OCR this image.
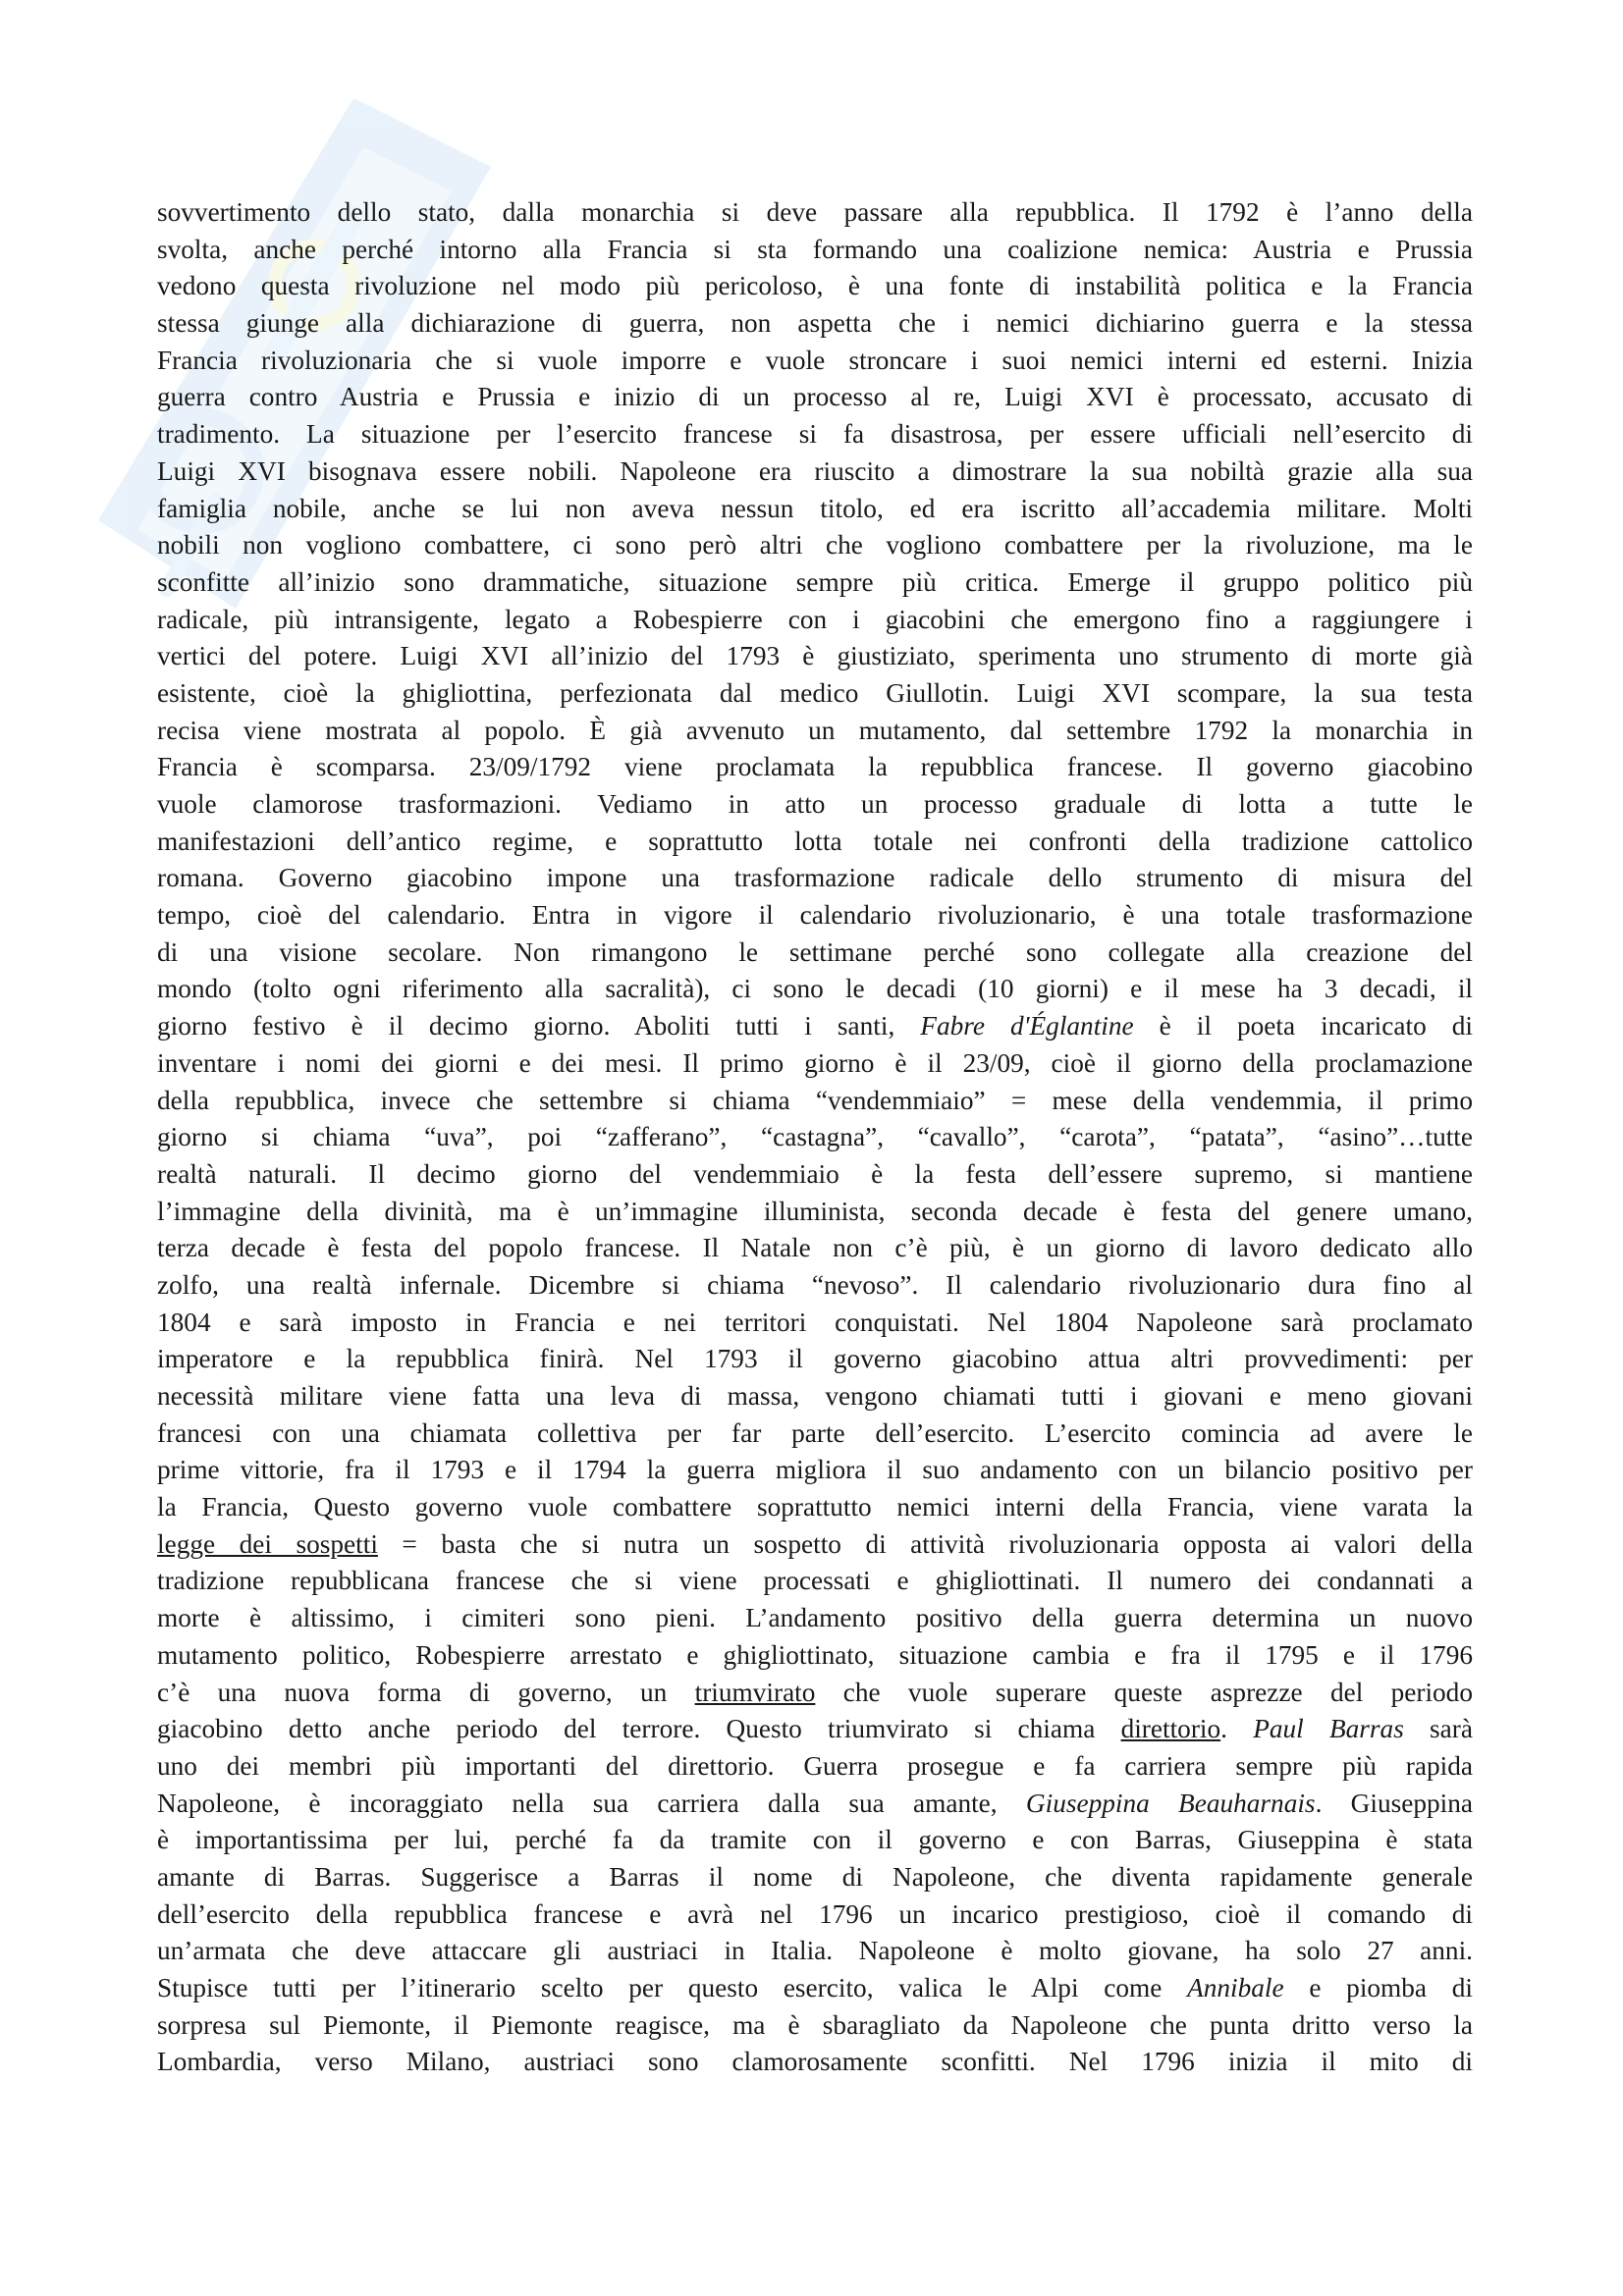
sovvertimento dello stato, dalla monarchia si deve passare alla repubblica. Il 1792 è l’anno della
svolta, anche perché intorno alla Francia si sta formando una coalizione nemica: Austria e Prussia
vedono questa rivoluzione nel modo più pericoloso, è una fonte di instabilità politica e la Francia
stessa giunge alla dichiarazione di guerra, non aspetta che i nemici dichiarino guerra e la stessa
Francia rivoluzionaria che si vuole imporre e vuole stroncare i suoi nemici interni ed esterni. Inizia
guerra contro Austria e Prussia e inizio di un processo al re, Luigi XVI è processato, accusato di
tradimento. La situazione per l’esercito francese si fa disastrosa, per essere ufficiali nell’esercito di
Luigi XVI bisognava essere nobili. Napoleone era riuscito a dimostrare la sua nobiltà grazie alla sua
famiglia nobile, anche se lui non aveva nessun titolo, ed era iscritto all’accademia militare. Molti
nobili non vogliono combattere, ci sono però altri che vogliono combattere per la rivoluzione, ma le
sconfitte all’inizio sono drammatiche, situazione sempre più critica. Emerge il gruppo politico più
radicale, più intransigente, legato a Robespierre con i giacobini che emergono fino a raggiungere i
vertici del potere. Luigi XVI all’inizio del 1793 è giustiziato, sperimenta uno strumento di morte già
esistente, cioè la ghigliottina, perfezionata dal medico Giullotin. Luigi XVI scompare, la sua testa
recisa viene mostrata al popolo. È già avvenuto un mutamento, dal settembre 1792 la monarchia in
Francia è scomparsa. 23/09/1792 viene proclamata la repubblica francese. Il governo giacobino
vuole clamorose trasformazioni. Vediamo in atto un processo graduale di lotta a tutte le
manifestazioni dell’antico regime, e soprattutto lotta totale nei confronti della tradizione cattolico
romana. Governo giacobino impone una trasformazione radicale dello strumento di misura del
tempo, cioè del calendario. Entra in vigore il calendario rivoluzionario, è una totale trasformazione
di una visione secolare. Non rimangono le settimane perché sono collegate alla creazione del
mondo (tolto ogni riferimento alla sacralità), ci sono le decadi (10 giorni) e il mese ha 3 decadi, il
giorno festivo è il decimo giorno. Aboliti tutti i santi, Fabre d'Églantine è il poeta incaricato di
inventare i nomi dei giorni e dei mesi. Il primo giorno è il 23/09, cioè il giorno della proclamazione
della repubblica, invece che settembre si chiama “vendemmiaio” = mese della vendemmia, il primo
giorno si chiama “uva”, poi “zafferano”, “castagna”, “cavallo”, “carota”, “patata”, “asino”…tutte
realtà naturali. Il decimo giorno del vendemmiaio è la festa dell’essere supremo, si mantiene
l’immagine della divinità, ma è un’immagine illuminista, seconda decade è festa del genere umano,
terza decade è festa del popolo francese. Il Natale non c’è più, è un giorno di lavoro dedicato allo
zolfo, una realtà infernale. Dicembre si chiama “nevoso”. Il calendario rivoluzionario dura fino al
1804 e sarà imposto in Francia e nei territori conquistati. Nel 1804 Napoleone sarà proclamato
imperatore e la repubblica finirà. Nel 1793 il governo giacobino attua altri provvedimenti: per
necessità militare viene fatta una leva di massa, vengono chiamati tutti i giovani e meno giovani
francesi con una chiamata collettiva per far parte dell’esercito. L’esercito comincia ad avere le
prime vittorie, fra il 1793 e il 1794 la guerra migliora il suo andamento con un bilancio positivo per
la Francia, Questo governo vuole combattere soprattutto nemici interni della Francia, viene varata la
legge dei sospetti = basta che si nutra un sospetto di attività rivoluzionaria opposta ai valori della
tradizione repubblicana francese che si viene processati e ghigliottinati. Il numero dei condannati a
morte è altissimo, i cimiteri sono pieni. L’andamento positivo della guerra determina un nuovo
mutamento politico, Robespierre arrestato e ghigliottinato, situazione cambia e fra il 1795 e il 1796
c’è una nuova forma di governo, un triumvirato che vuole superare queste asprezze del periodo
giacobino detto anche periodo del terrore. Questo triumvirato si chiama direttorio. Paul Barras sarà
uno dei membri più importanti del direttorio. Guerra prosegue e fa carriera sempre più rapida
Napoleone, è incoraggiato nella sua carriera dalla sua amante, Giuseppina Beauharnais. Giuseppina
è importantissima per lui, perché fa da tramite con il governo e con Barras, Giuseppina è stata
amante di Barras. Suggerisce a Barras il nome di Napoleone, che diventa rapidamente generale
dell’esercito della repubblica francese e avrà nel 1796 un incarico prestigioso, cioè il comando di
un’armata che deve attaccare gli austriaci in Italia. Napoleone è molto giovane, ha solo 27 anni.
Stupisce tutti per l’itinerario scelto per questo esercito, valica le Alpi come Annibale e piomba di
sorpresa sul Piemonte, il Piemonte reagisce, ma è sbaragliato da Napoleone che punta dritto verso la
Lombardia, verso Milano, austriaci sono clamorosamente sconfitti. Nel 1796 inizia il mito di
